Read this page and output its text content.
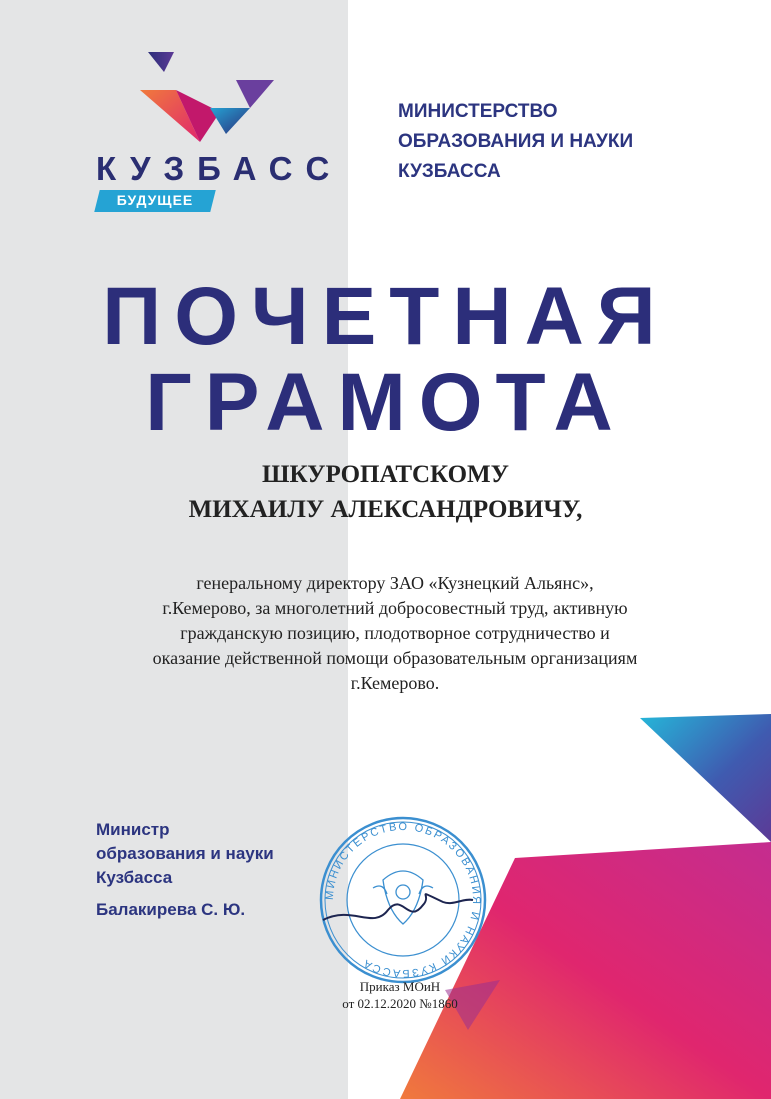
КУЗБАСС
БУДУЩЕЕ
МИНИСТЕРСТВО
ОБРАЗОВАНИЯ И НАУКИ
КУЗБАССА
ПОЧЕТНАЯ
ГРАМОТА
ШКУРОПАТСКОМУ
МИХАИЛУ АЛЕКСАНДРОВИЧУ,
генеральному директору ЗАО «Кузнецкий Альянс»,
г.Кемерово, за многолетний добросовестный труд, активную
гражданскую позицию, плодотворное сотрудничество и
оказание действенной помощи образовательным организациям
г.Кемерово.
Министр
образования и науки
Кузбасса
Балакирева С. Ю.
МИНИСТЕРСТВО ОБРАЗОВАНИЯ И НАУКИ КУЗБАССА
Приказ МОиН
от 02.12.2020 №1860
